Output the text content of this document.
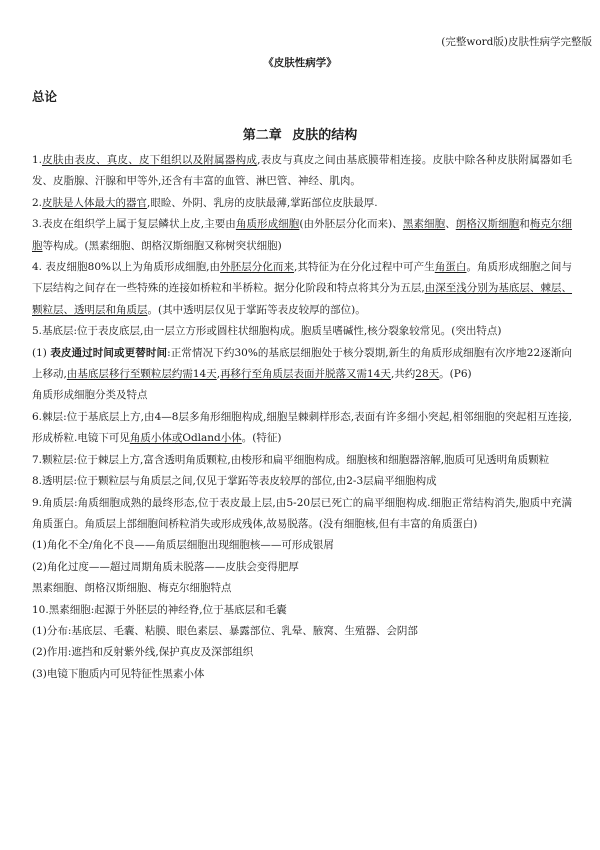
(完整word版)皮肤性病学完整版
《皮肤性病学》
总论
第二章 皮肤的结构

1.皮肤由表皮、真皮、皮下组织以及附属器构成,表皮与真皮之间由基底膜带相连接。皮肤中除各种皮肤附属器如毛发、皮脂腺、汗腺和甲等外,还含有丰富的血管、淋巴管、神经、肌肉。

2.皮肤是人体最大的器官,眼睑、外阴、乳房的皮肤最薄,掌跖部位皮肤最厚.

3.表皮在组织学上属于复层鳞状上皮,主要由角质形成细胞(由外胚层分化而来)、黑素细胞、朗格汉斯细胞和梅克尔细胞等构成。(黑素细胞、朗格汉斯细胞又称树突状细胞)

4. 表皮细胞80%以上为角质形成细胞,由外胚层分化而来,其特征为在分化过程中可产生角蛋白。角质形成细胞之间与下层结构之间存在一些特殊的连接如桥粒和半桥粒。据分化阶段和特点将其分为五层,由深至浅分别为基底层、棘层、颗粒层、透明层和角质层。(其中透明层仅见于掌跖等表皮较厚的部位)。

5.基底层:位于表皮底层,由一层立方形或圆柱状细胞构成。胞质呈嗜碱性,核分裂象较常见。(突出特点)

(1) 表皮通过时间或更替时间:正常情况下约30%的基底层细胞处于核分裂期,新生的角质形成细胞有次序地22逐渐向上移动,由基底层移行至颗粒层约需14天,再移行至角质层表面并脱落又需14天,共约28天。(P6)

角质形成细胞分类及特点

6.棘层:位于基底层上方,由4—8层多角形细胞构成,细胞呈棘刺样形态,表面有许多细小突起,相邻细胞的突起相互连接,形成桥粒.电镜下可见角质小体或Odland小体。(特征)

7.颗粒层:位于棘层上方,富含透明角质颗粒,由梭形和扁平细胞构成。细胞核和细胞器溶解,胞质可见透明角质颗粒

8.透明层:位于颗粒层与角质层之间,仅见于掌跖等表皮较厚的部位,由2-3层扁平细胞构成

9.角质层:角质细胞成熟的最终形态,位于表皮最上层,由5-20层已死亡的扁平细胞构成.细胞正常结构消失,胞质中充满角质蛋白。角质层上部细胞间桥粒消失或形成残体,故易脱落。(没有细胞核,但有丰富的角质蛋白)

(1)角化不全/角化不良——角质层细胞出现细胞核——可形成银屑

(2)角化过度——超过周期角质未脱落——皮肤会变得肥厚

黑素细胞、朗格汉斯细胞、梅克尔细胞特点

10.黑素细胞:起源于外胚层的神经脊,位于基底层和毛囊

(1)分布:基底层、毛囊、粘膜、眼色素层、暴露部位、乳晕、腋窝、生殖器、会阴部

(2)作用:遮挡和反射紫外线,保护真皮及深部组织

(3)电镜下胞质内可见特征性黑素小体
